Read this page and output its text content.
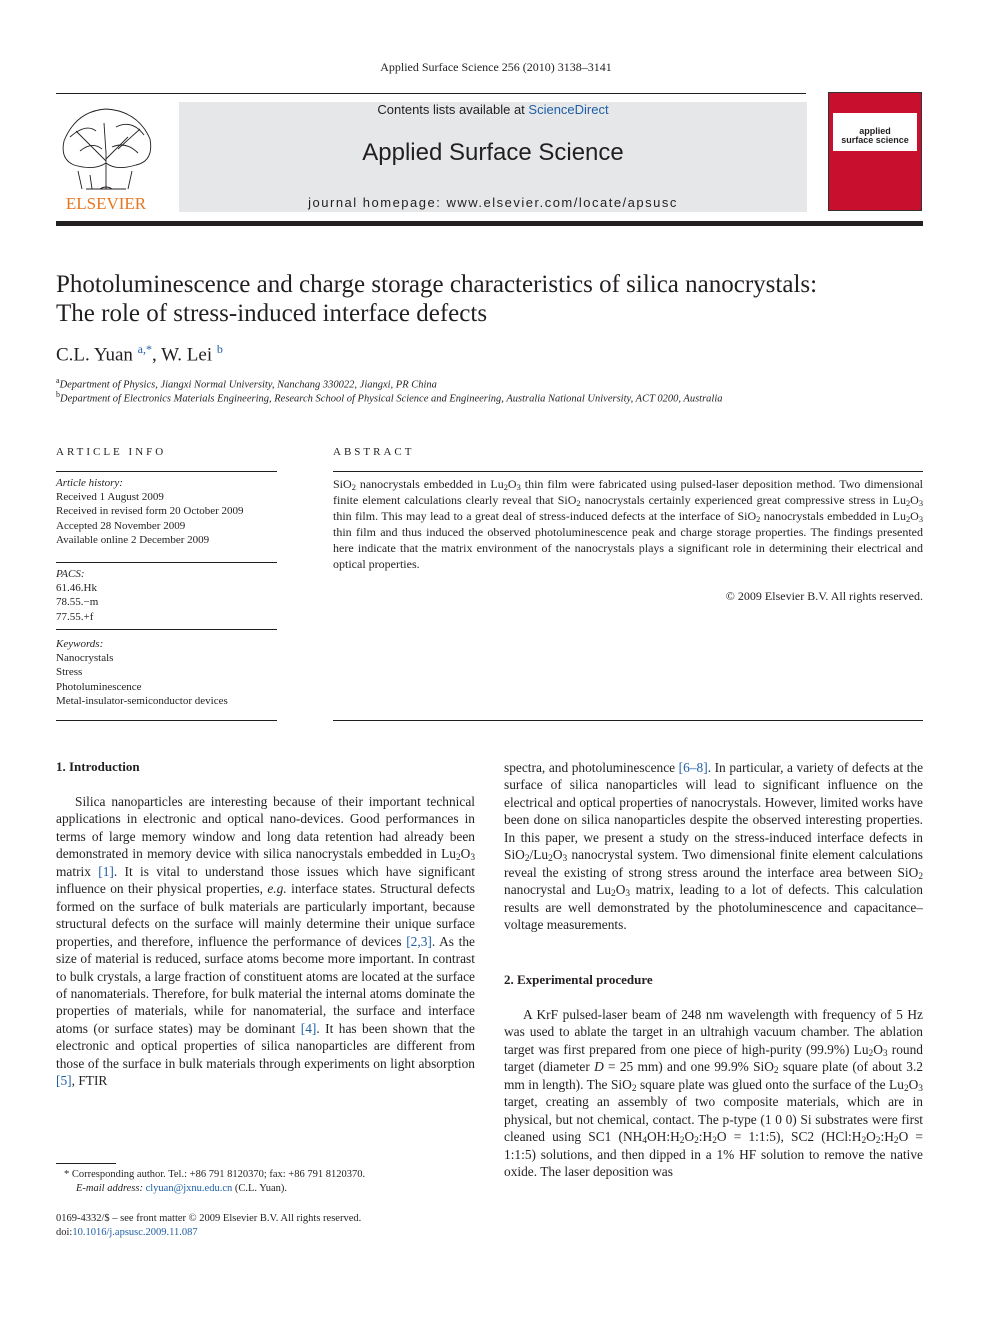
Applied Surface Science 256 (2010) 3138–3141
ELSEVIER
Contents lists available at ScienceDirect
Applied Surface Science
journal homepage: www.elsevier.com/locate/apsusc
applied
surface science
Photoluminescence and charge storage characteristics of silica nanocrystals:
The role of stress-induced interface defects
C.L. Yuan $^{a,*}$, W. Lei $^b$
$^a$Department of Physics, Jiangxi Normal University, Nanchang 330022, Jiangxi, PR China
$^b$Department of Electronics Materials Engineering, Research School of Physical Science and Engineering, Australia National University, ACT 0200, Australia
ARTICLE INFO
Article history:
Received 1 August 2009
Received in revised form 20 October 2009
Accepted 28 November 2009
Available online 2 December 2009
PACS:
61.46.Hk
78.55.−m
77.55.+f
Keywords:
Nanocrystals
Stress
Photoluminescence
Metal-insulator-semiconductor devices
ABSTRACT
SiO$_2$ nanocrystals embedded in $Lu_2O_3$ thin film were fabricated using pulsed-laser deposition method. Two dimensional finite element calculations clearly reveal that SiO$_2$ nanocrystals certainly experienced great compressive stress in $Lu_2O_3$ thin film. This may lead to a great deal of stress-induced defects at the interface of SiO$_2$ nanocrystals embedded in $Lu_2O_3$ thin film and thus induced the observed photoluminescence peak and charge storage properties. The findings presented here indicate that the matrix environment of the nanocrystals plays a significant role in determining their electrical and optical properties.
© 2009 Elsevier B.V. All rights reserved.
1. Introduction

Silica nanoparticles are interesting because of their important technical applications in electronic and optical nano-devices. Good performances in terms of large memory window and long data retention had already been demonstrated in memory device with silica nanocrystals embedded in $Lu_2O_3$ matrix [1]. It is vital to understand those issues which have significant influence on their physical properties, e.g. interface states. Structural defects formed on the surface of bulk materials are particularly important, because structural defects on the surface will mainly determine their unique surface properties, and therefore, influence the performance of devices [2,3]. As the size of material is reduced, surface atoms become more important. In contrast to bulk crystals, a large fraction of constituent atoms are located at the surface of nanomaterials. Therefore, for bulk material the internal atoms dominate the properties of materials, while for nanomaterial, the surface and interface atoms (or surface states) may be dominant [4]. It has been shown that the electronic and optical properties of silica nanoparticles are different from those of the surface in bulk materials through experiments on light absorption [5], FTIR

* Corresponding author. Tel.: +86 791 8120370; fax: +86 791 8120370.
E-mail address: clyuan@jxnu.edu.cn (C.L. Yuan).
0169-4332/$ – see front matter © 2009 Elsevier B.V. All rights reserved.
doi:10.1016/j.apsusc.2009.11.087

spectra, and photoluminescence [6–8]. In particular, a variety of defects at the surface of silica nanoparticles will lead to significant influence on the electrical and optical properties of nanocrystals. However, limited works have been done on silica nanoparticles despite the observed interesting properties. In this paper, we present a study on the stress-induced interface defects in $SiO_2/Lu_2O_3$ nanocrystal system. Two dimensional finite element calculations reveal the existing of strong stress around the interface area between SiO$_2$ nanocrystal and $Lu_2O_3$ matrix, leading to a lot of defects. This calculation results are well demonstrated by the photoluminescence and capacitance–voltage measurements.

2. Experimental procedure

A KrF pulsed-laser beam of 248 nm wavelength with frequency of 5 Hz was used to ablate the target in an ultrahigh vacuum chamber. The ablation target was first prepared from one piece of high-purity (99.9%) $Lu_2O_3$ round target (diameter D = 25 mm) and one 99.9% SiO$_2$ square plate (of about 3.2 mm in length). The SiO$_2$ square plate was glued onto the surface of the $Lu_2O_3$ target, creating an assembly of two composite materials, which are in physical, but not chemical, contact. The p-type (1 0 0) Si substrates were first cleaned using SC1 ($NH_4OH:H_2O_2:H_2O$ = 1:1:5), SC2 ($HCl:H_2O_2:H_2O$ = 1:1:5) solutions, and then dipped in a 1% HF solution to remove the native oxide. The laser deposition was
